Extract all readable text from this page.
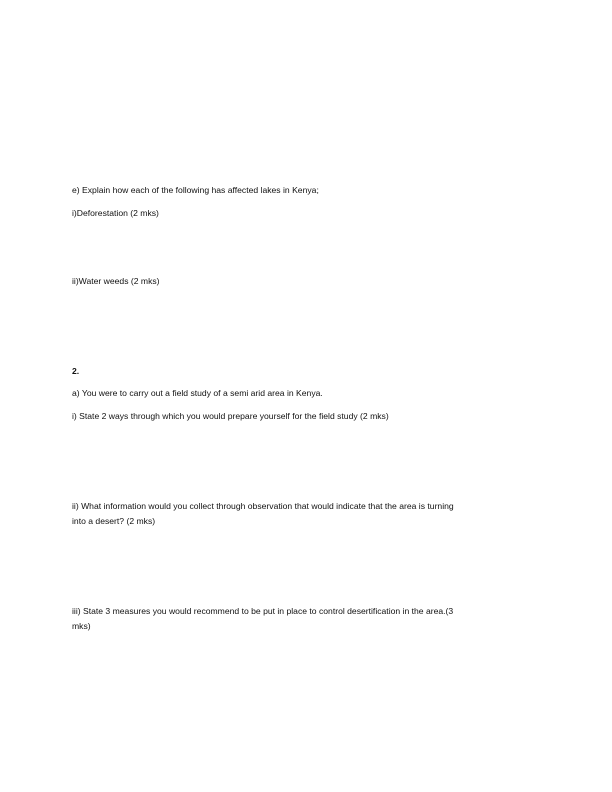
e) Explain how each of the following has affected lakes in Kenya;
i)Deforestation (2 mks)
ii)Water weeds (2 mks)
2.
a) You were to carry out a field study of a semi arid area in Kenya.
i) State 2 ways through which you would prepare yourself for the field study (2 mks)
ii) What information would you collect through observation that would indicate that the area is turning
into a desert? (2 mks)
iii) State 3 measures you would recommend to be put in place to control desertification in the area.(3
mks)
